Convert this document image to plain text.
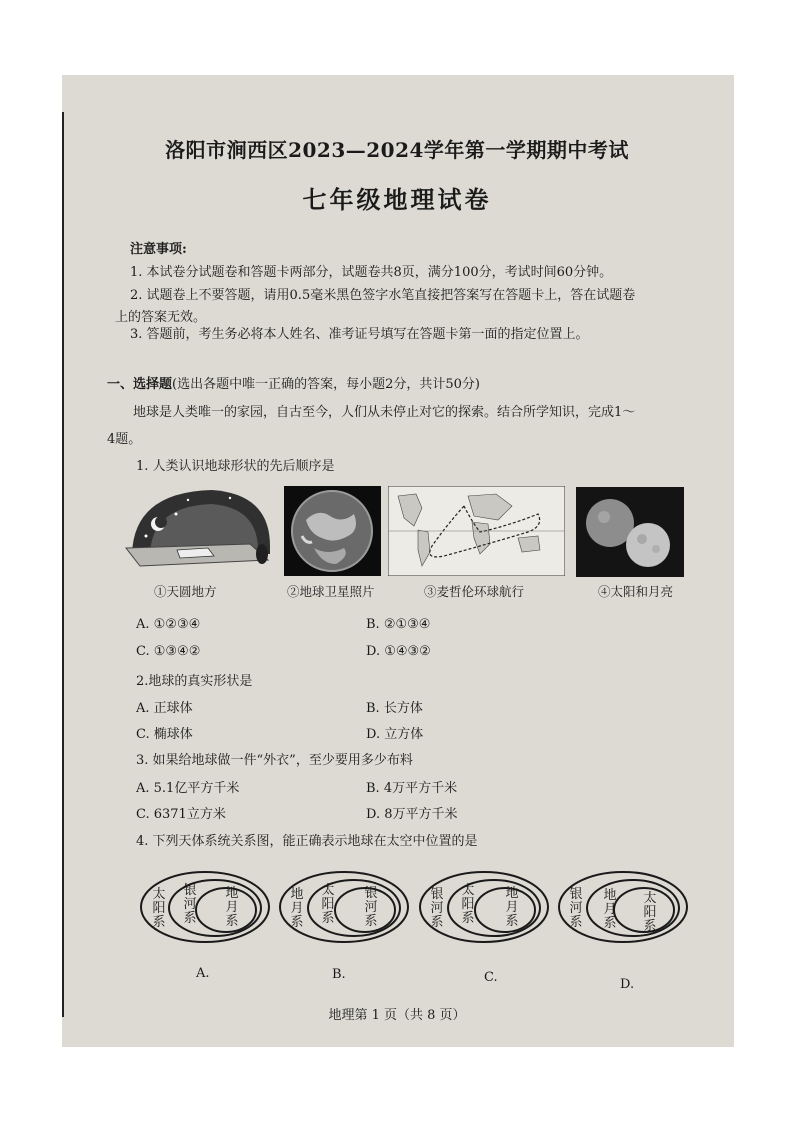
洛阳市涧西区2023—2024学年第一学期期中考试
七年级地理试卷
注意事项:
1. 本试卷分试题卷和答题卡两部分，试题卷共8页，满分100分，考试时间60分钟。
2. 试题卷上不要答题，请用0.5毫米黑色签字水笔直接把答案写在答题卡上，答在试题卷
上的答案无效。
3. 答题前，考生务必将本人姓名、准考证号填写在答题卡第一面的指定位置上。
一、选择题(选出各题中唯一正确的答案，每小题2分，共计50分)
地球是人类唯一的家园，自古至今，人们从未停止对它的探索。结合所学知识，完成1～
4题。
1. 人类认识地球形状的先后顺序是
①天圆地方	②地球卫星照片	③麦哲伦环球航行	④太阳和月亮
A. ①②③④	B. ②①③④
C. ①③④②	D. ①④③②
2.地球的真实形状是
A. 正球体	B. 长方体
C. 椭球体	D. 立方体
3. 如果给地球做一件“外衣”，至少要用多少布料
A. 5.1亿平方千米	B. 4万平方千米
C. 6371立方米	D. 8万平方千米
4. 下列天体系统关系图，能正确表示地球在太空中位置的是
太阳系
银河系
地月系
A.
地月系
太阳系
银河系
B.
银河系
太阳系
地月系
C.
银河系
地月系
太阳系
D.
地理第 1 页（共 8 页）
